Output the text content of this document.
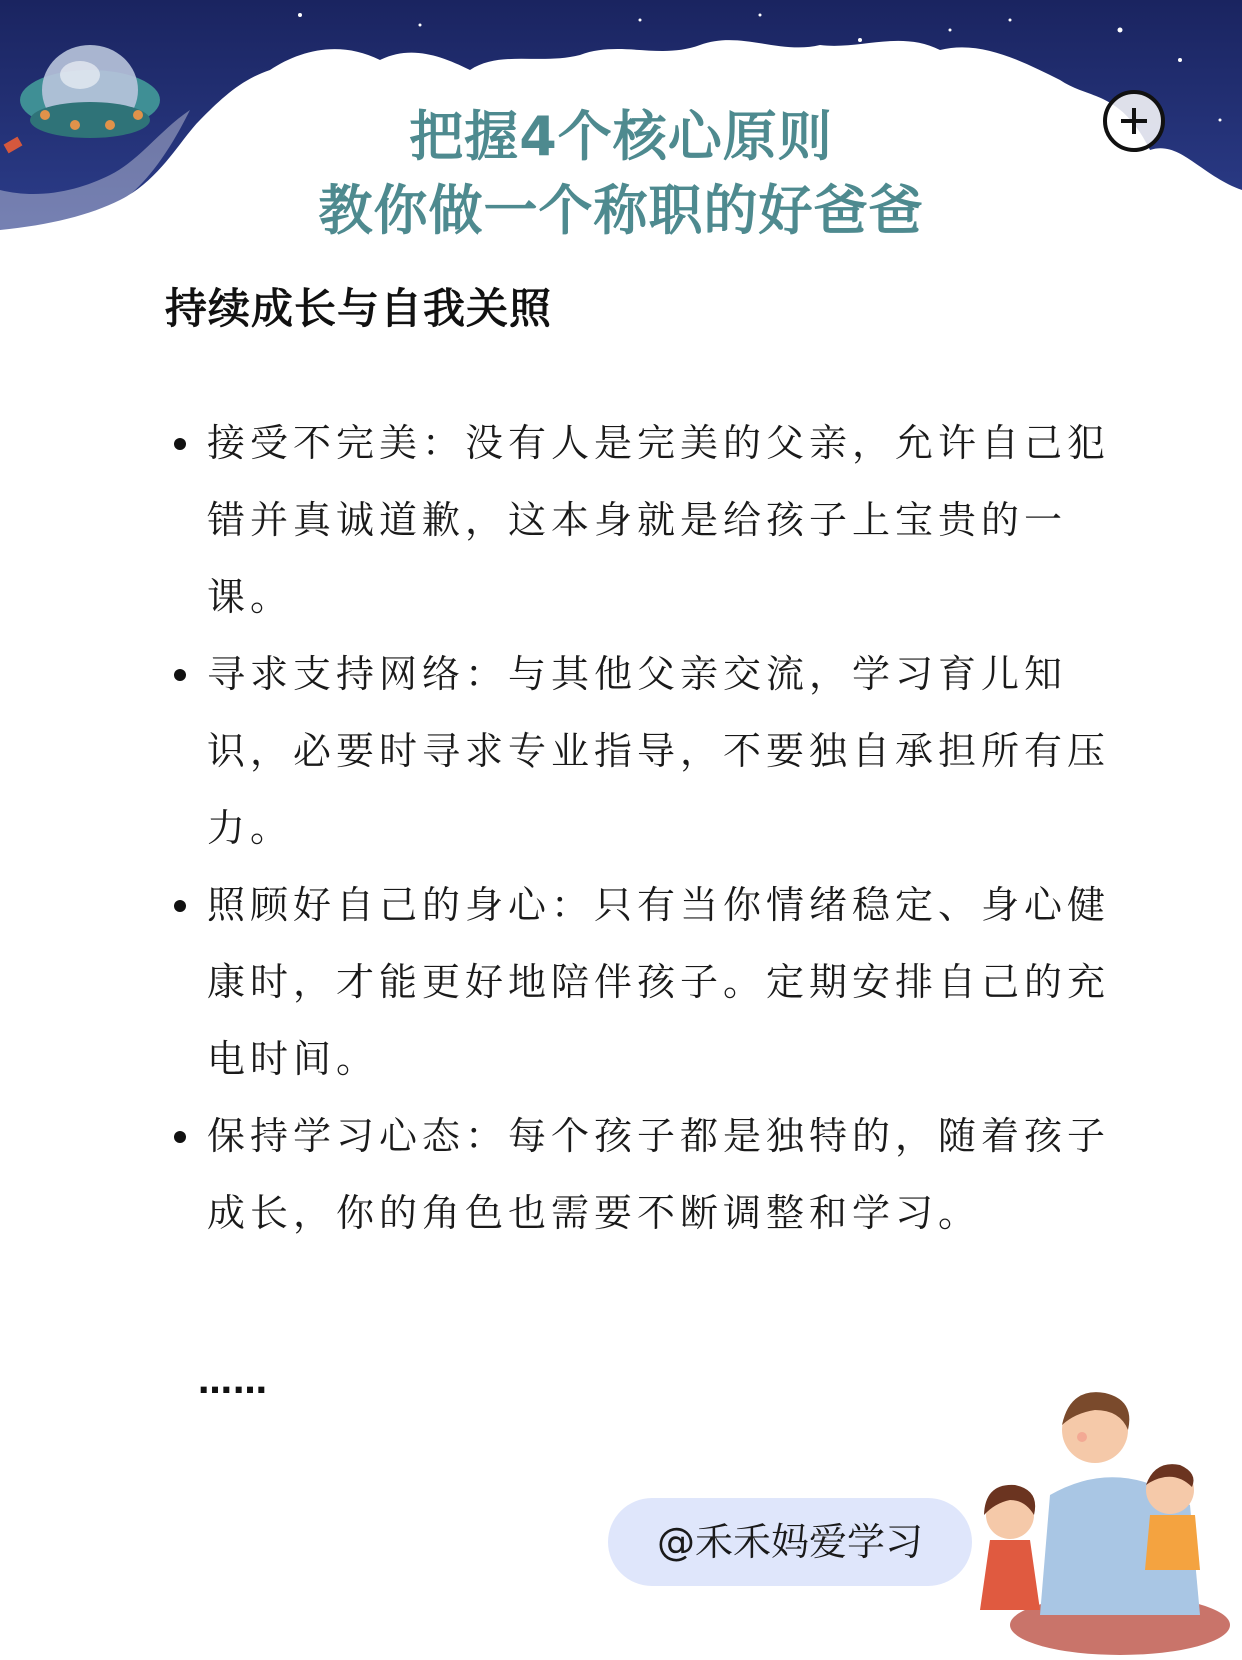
把握4个核心原则
教你做一个称职的好爸爸
持续成长与自我关照
接受不完美：没有人是完美的父亲，允许自己犯错并真诚道歉，这本身就是给孩子上宝贵的一课。
寻求支持网络：与其他父亲交流，学习育儿知识，必要时寻求专业指导，不要独自承担所有压力。
照顾好自己的身心：只有当你情绪稳定、身心健康时，才能更好地陪伴孩子。定期安排自己的充电时间。
保持学习心态：每个孩子都是独特的，随着孩子成长，你的角色也需要不断调整和学习。
……
@禾禾妈爱学习
